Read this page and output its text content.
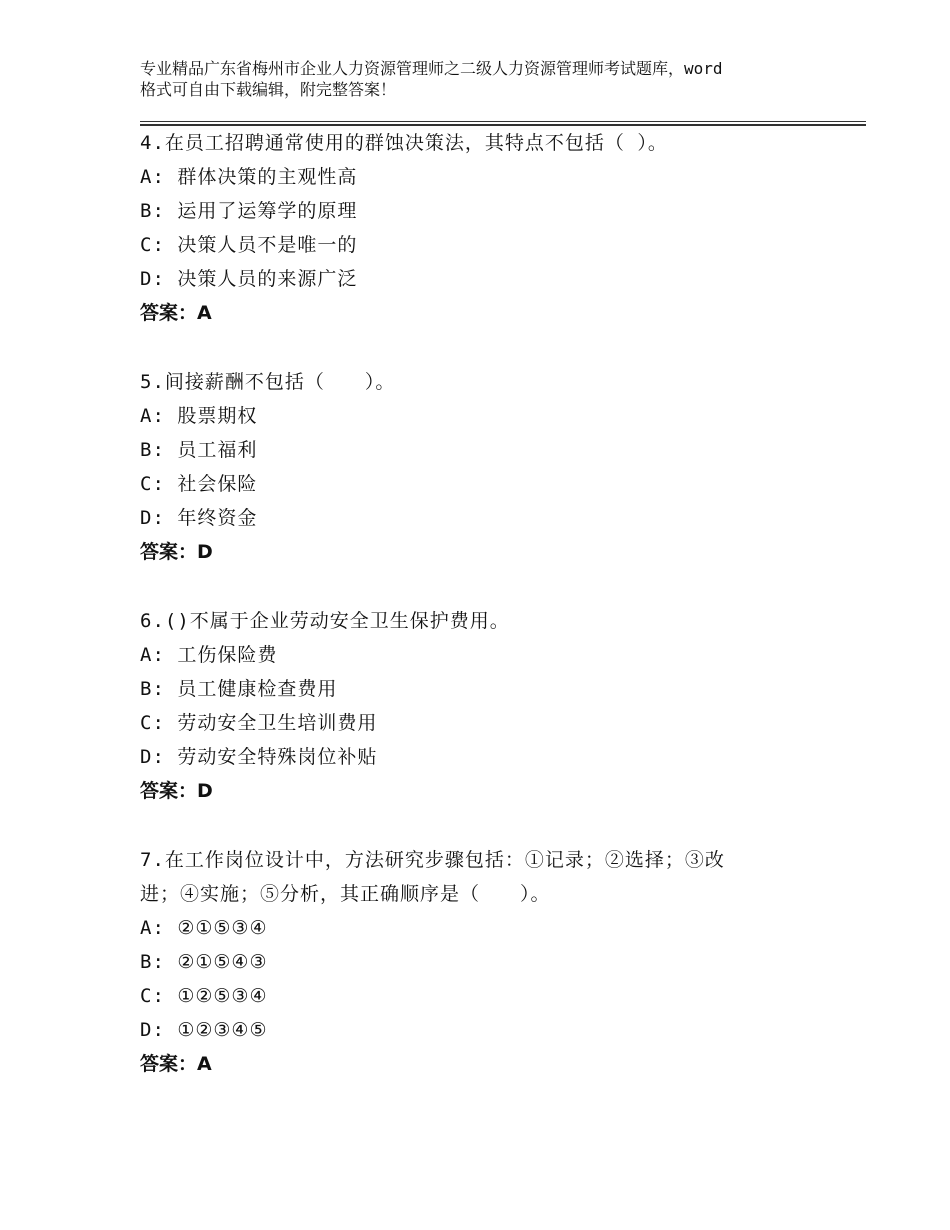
专业精品广东省梅州市企业人力资源管理师之二级人力资源管理师考试题库，word
格式可自由下载编辑，附完整答案！
4.在员工招聘通常使用的群蚀决策法，其特点不包括（ ）。
A: 群体决策的主观性高
B: 运用了运筹学的原理
C: 决策人员不是唯一的
D: 决策人员的来源广泛
答案：A
5.间接薪酬不包括（　　）。
A: 股票期权
B: 员工福利
C: 社会保险
D: 年终资金
答案：D
6.()不属于企业劳动安全卫生保护费用。
A: 工伤保险费
B: 员工健康检查费用
C: 劳动安全卫生培训费用
D: 劳动安全特殊岗位补贴
答案：D
7.在工作岗位设计中，方法研究步骤包括：①记录；②选择；③改
进；④实施；⑤分析，其正确顺序是（　　）。
A: ②①⑤③④
B: ②①⑤④③
C: ①②⑤③④
D: ①②③④⑤
答案：A
